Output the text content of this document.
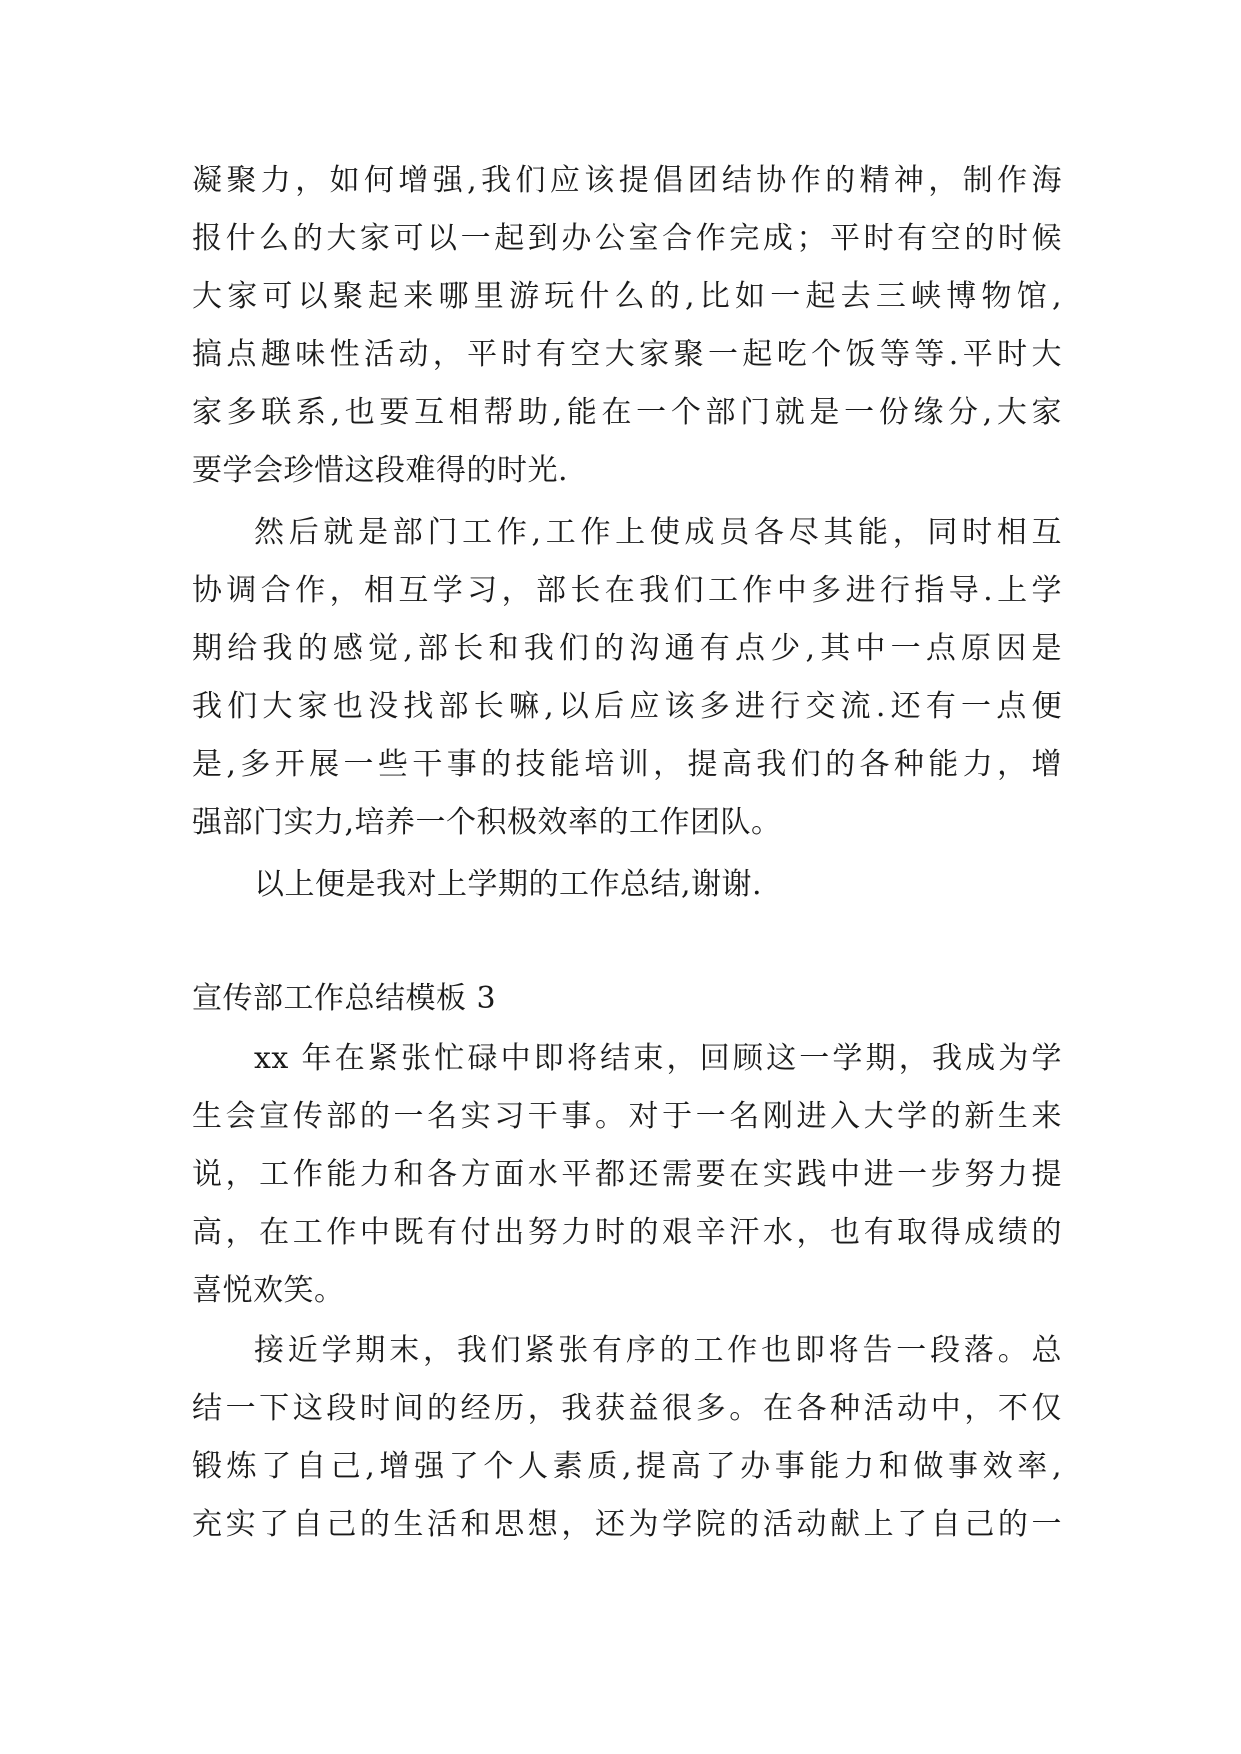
凝聚力，如何增强,我们应该提倡团结协作的精神，制作海
报什么的大家可以一起到办公室合作完成；平时有空的时候
大家可以聚起来哪里游玩什么的,比如一起去三峡博物馆,
搞点趣味性活动，平时有空大家聚一起吃个饭等等.平时大
家多联系,也要互相帮助,能在一个部门就是一份缘分,大家
要学会珍惜这段难得的时光.
然后就是部门工作,工作上使成员各尽其能，同时相互
协调合作，相互学习，部长在我们工作中多进行指导.上学
期给我的感觉,部长和我们的沟通有点少,其中一点原因是
我们大家也没找部长嘛,以后应该多进行交流.还有一点便
是,多开展一些干事的技能培训，提高我们的各种能力，增
强部门实力,培养一个积极效率的工作团队。
以上便是我对上学期的工作总结,谢谢.
宣传部工作总结模板 3
xx 年在紧张忙碌中即将结束，回顾这一学期，我成为学
生会宣传部的一名实习干事。对于一名刚进入大学的新生来
说，工作能力和各方面水平都还需要在实践中进一步努力提
高，在工作中既有付出努力时的艰辛汗水，也有取得成绩的
喜悦欢笑。
接近学期末，我们紧张有序的工作也即将告一段落。总
结一下这段时间的经历，我获益很多。在各种活动中，不仅
锻炼了自己,增强了个人素质,提高了办事能力和做事效率,
充实了自己的生活和思想，还为学院的活动献上了自己的一
